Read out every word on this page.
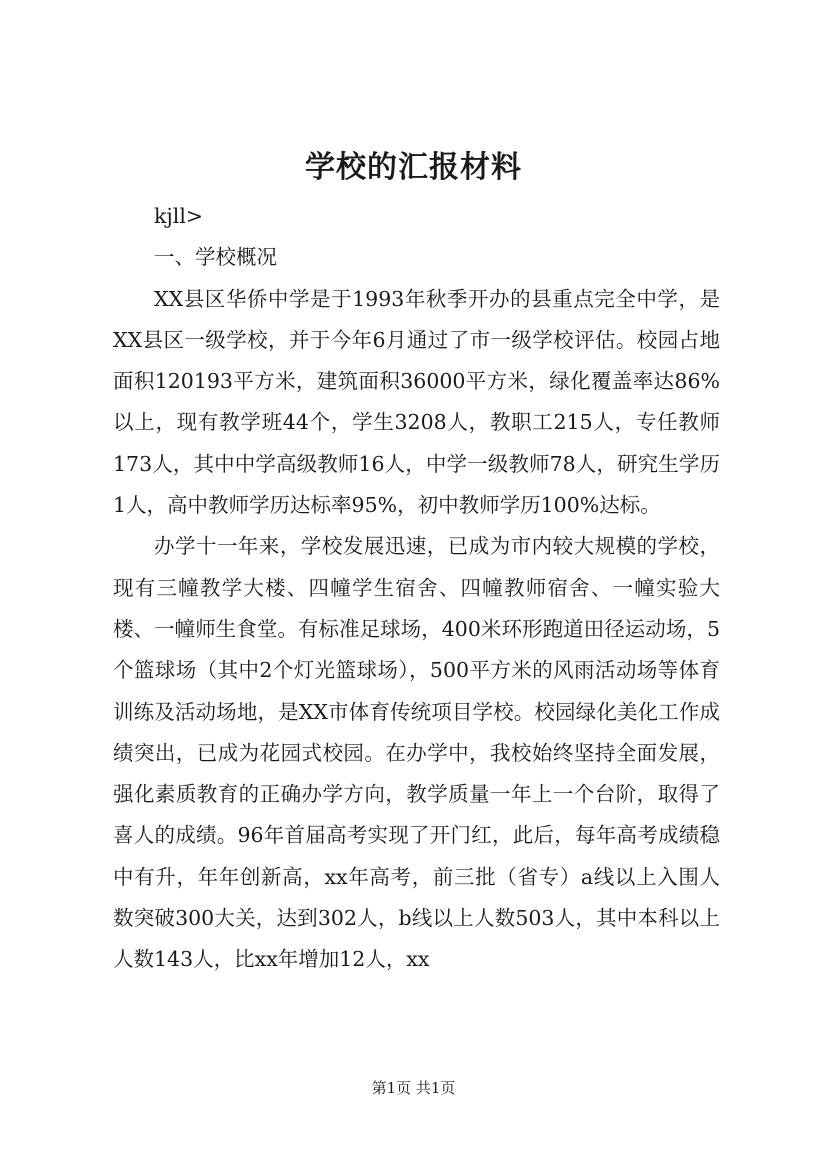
学校的汇报材料

kjll>

一、学校概况

XX县区华侨中学是于1993年秋季开办的县重点完全中学，是XX县区一级学校，并于今年6月通过了市一级学校评估。校园占地面积120193平方米，建筑面积36000平方米，绿化覆盖率达86%以上，现有教学班44个，学生3208人，教职工215人，专任教师173人，其中中学高级教师16人，中学一级教师78人，研究生学历1人，高中教师学历达标率95%，初中教师学历100%达标。

办学十一年来，学校发展迅速，已成为市内较大规模的学校，现有三幢教学大楼、四幢学生宿舍、四幢教师宿舍、一幢实验大楼、一幢师生食堂。有标准足球场，400米环形跑道田径运动场，5个篮球场（其中2个灯光篮球场），500平方米的风雨活动场等体育训练及活动场地，是XX市体育传统项目学校。校园绿化美化工作成绩突出，已成为花园式校园。在办学中，我校始终坚持全面发展，强化素质教育的正确办学方向，教学质量一年上一个台阶，取得了喜人的成绩。96年首届高考实现了开门红，此后，每年高考成绩稳中有升，年年创新高，xx年高考，前三批（省专）a线以上入围人数突破300大关，达到302人，b线以上人数503人，其中本科以上人数143人，比xx年增加12人，xx

第1页 共1页
